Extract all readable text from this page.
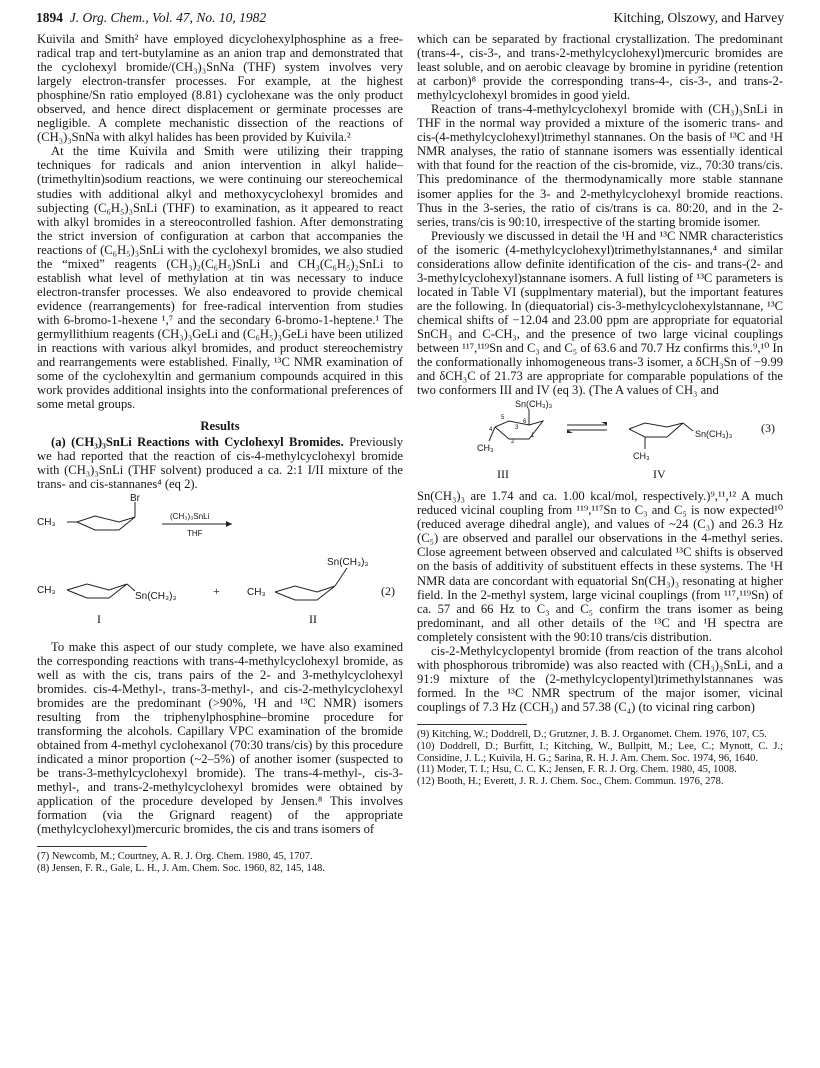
1894 J. Org. Chem., Vol. 47, No. 10, 1982	Kitching, Olszowy, and Harvey

Kuivila and Smith² have employed dicyclohexylphosphine as a free-radical trap and tert-butylamine as an anion trap and demonstrated that the cyclohexyl bromide/(CH₃)₃SnNa (THF) system involves very largely electron-transfer processes. For example, at the highest phosphine/Sn ratio employed (8.81) cyclohexane was the only product observed, and hence direct displacement or germinate processes are negligible. A complete mechanistic dissection of the reactions of (CH₃)₃SnNa with alkyl halides has been provided by Kuivila.²

At the time Kuivila and Smith were utilizing their trapping techniques for radicals and anion intervention in alkyl halide–(trimethyltin)sodium reactions, we were continuing our stereochemical studies with additional alkyl and methoxycyclohexyl bromides and subjecting (C₆H₅)₃SnLi (THF) to examination, as it appeared to react with alkyl bromides in a stereocontrolled fashion. After demonstrating the strict inversion of configuration at carbon that accompanies the reactions of (C₆H₅)₃SnLi with the cyclohexyl bromides, we also studied the “mixed” reagents (CH₃)₂(C₆H₅)SnLi and CH₃(C₆H₅)₂SnLi to establish what level of methylation at tin was necessary to induce electron-transfer processes. We also endeavored to provide chemical evidence (rearrangements) for free-radical intervention from studies with 6-bromo-1-hexene ¹,⁷ and the secondary 6-bromo-1-heptene.¹ The germyllithium reagents (CH₃)₃GeLi and (C₆H₅)₃GeLi have been utilized in reactions with various alkyl bromides, and product stereochemistry and rearrangements were established. Finally, ¹³C NMR examination of some of the cyclohexyltin and germanium compounds acquired in this work provides additional insights into the conformational preferences of some metal groups.

Results

(a) (CH₃)₃SnLi Reactions with Cyclohexyl Bromides. Previously we had reported that the reaction of cis-4-methylcyclohexyl bromide with (CH₃)₃SnLi (THF solvent) produced a ca. 2:1 I/II mixture of the trans- and cis-stannanes⁴ (eq 2).

Br
CH₃
(CH₃)₃SnLi
THF
CH₃
Sn(CH₃)₃	+	CH₃
Sn(CH₃)₃
(2)
I	II

To make this aspect of our study complete, we have also examined the corresponding reactions with trans-4-methylcyclohexyl bromide, as well as with the cis, trans pairs of the 2- and 3-methylcyclohexyl bromides. cis-4-Methyl-, trans-3-methyl-, and cis-2-methylcyclohexyl bromides are the predominant (>90%, ¹H and ¹³C NMR) isomers resulting from the triphenylphosphine–bromine procedure for transforming the alcohols. Capillary VPC examination of the bromide obtained from 4-methyl cyclohexanol (70:30 trans/cis) by this procedure indicated a minor proportion (~2–5%) of another isomer (suspected to be trans-3-methylcyclohexyl bromide). The trans-4-methyl-, cis-3-methyl-, and trans-2-methylcyclohexyl bromides were obtained by application of the procedure developed by Jensen.⁸ This involves formation (via the Grignard reagent) of the appropriate (methylcyclohexyl)mercuric bromides, the cis and trans isomers of

(7) Newcomb, M.; Courtney, A. R. J. Org. Chem. 1980, 45, 1707.

(8) Jensen, F. R., Gale, L. H., J. Am. Chem. Soc. 1960, 82, 145, 148.

which can be separated by fractional crystallization. The predominant (trans-4-, cis-3-, and trans-2-methylcyclohexyl)mercuric bromides are least soluble, and on aerobic cleavage by bromine in pyridine (retention at carbon)⁸ provide the corresponding trans-4-, cis-3-, and trans-2-methylcyclohexyl bromides in good yield.

Reaction of trans-4-methylcyclohexyl bromide with (CH₃)₃SnLi in THF in the normal way provided a mixture of the isomeric trans- and cis-(4-methylcyclohexyl)trimethyl stannanes. On the basis of ¹³C and ¹H NMR analyses, the ratio of stannane isomers was essentially identical with that found for the reaction of the cis-bromide, viz., 70:30 trans/cis. This predominance of the thermodynamically more stable stannane isomer applies for the 3- and 2-methylcyclohexyl bromide reactions. Thus in the 3-series, the ratio of cis/trans is ca. 80:20, and in the 2-series, trans/cis is 90:10, irrespective of the starting bromide isomer.

Previously we discussed in detail the ¹H and ¹³C NMR characteristics of the isomeric (4-methylcyclohexyl)trimethylstannanes,⁴ and similar considerations allow definite identification of the cis- and trans-(2- and 3-methylcyclohexyl)stannane isomers. A full listing of ¹³C parameters is located in Table VI (supplmentary material), but the important features are the following. In (diequatorial) cis-3-methylcyclohexylstannane, ¹³C chemical shifts of −12.04 and 23.00 ppm are appropriate for equatorial SnCH₃ and C-CH₃, and the presence of two large vicinal couplings between ¹¹⁷,¹¹⁹Sn and C₃ and C₅ of 63.6 and 70.7 Hz confirms this.⁹,¹⁰ In the conformationally inhomogeneous trans-3 isomer, a δCH₃Sn of −9.99 and δCH₃C of 21.73 are appropriate for comparable populations of the two conformers III and IV (eq 3). (The A values of CH₃ and

Sn(CH₃)₃
CH₃
CH₃
Sn(CH₃)₃
5
3
6
4
1
2
(3)
III	IV

Sn(CH₃)₃ are 1.74 and ca. 1.00 kcal/mol, respectively.)⁹,¹¹,¹² A much reduced vicinal coupling from ¹¹⁹,¹¹⁷Sn to C₃ and C₅ is now expected¹⁰ (reduced average dihedral angle), and values of ~24 (C₃) and 26.3 Hz (C₅) are observed and parallel our observations in the 4-methyl series. Close agreement between observed and calculated ¹³C shifts is observed on the basis of additivity of substituent effects in these systems. The ¹H NMR data are concordant with equatorial Sn(CH₃)₃ resonating at higher field. In the 2-methyl system, large vicinal couplings (from ¹¹⁷,¹¹⁹Sn) of ca. 57 and 66 Hz to C₃ and C₅ confirm the trans isomer as being predominant, and all other details of the ¹³C and ¹H spectra are completely consistent with the 90:10 trans/cis distribution.

cis-2-Methylcyclopentyl bromide (from reaction of the trans alcohol with phosphorous tribromide) was also reacted with (CH₃)₃SnLi, and a 91:9 mixture of the (2-methylcyclopentyl)trimethylstannanes was formed. In the ¹³C NMR spectrum of the major isomer, vicinal couplings of 7.3 Hz (CCH₃) and 57.38 (C₄) (to vicinal ring carbon)

(9) Kitching, W.; Doddrell, D.; Grutzner, J. B. J. Organomet. Chem. 1976, 107, C5.

(10) Doddrell, D.; Burfitt, I.; Kitching, W., Bullpitt, M.; Lee, C.; Mynott, C. J.; Considine, J. L.; Kuivila, H. G.; Sarina, R. H. J. Am. Chem. Soc. 1974, 96, 1640.

(11) Moder, T. I.; Hsu, C. C. K.; Jensen, F. R. J. Org. Chem. 1980, 45, 1008.

(12) Booth, H.; Everett, J. R. J. Chem. Soc., Chem. Commun. 1976, 278.
